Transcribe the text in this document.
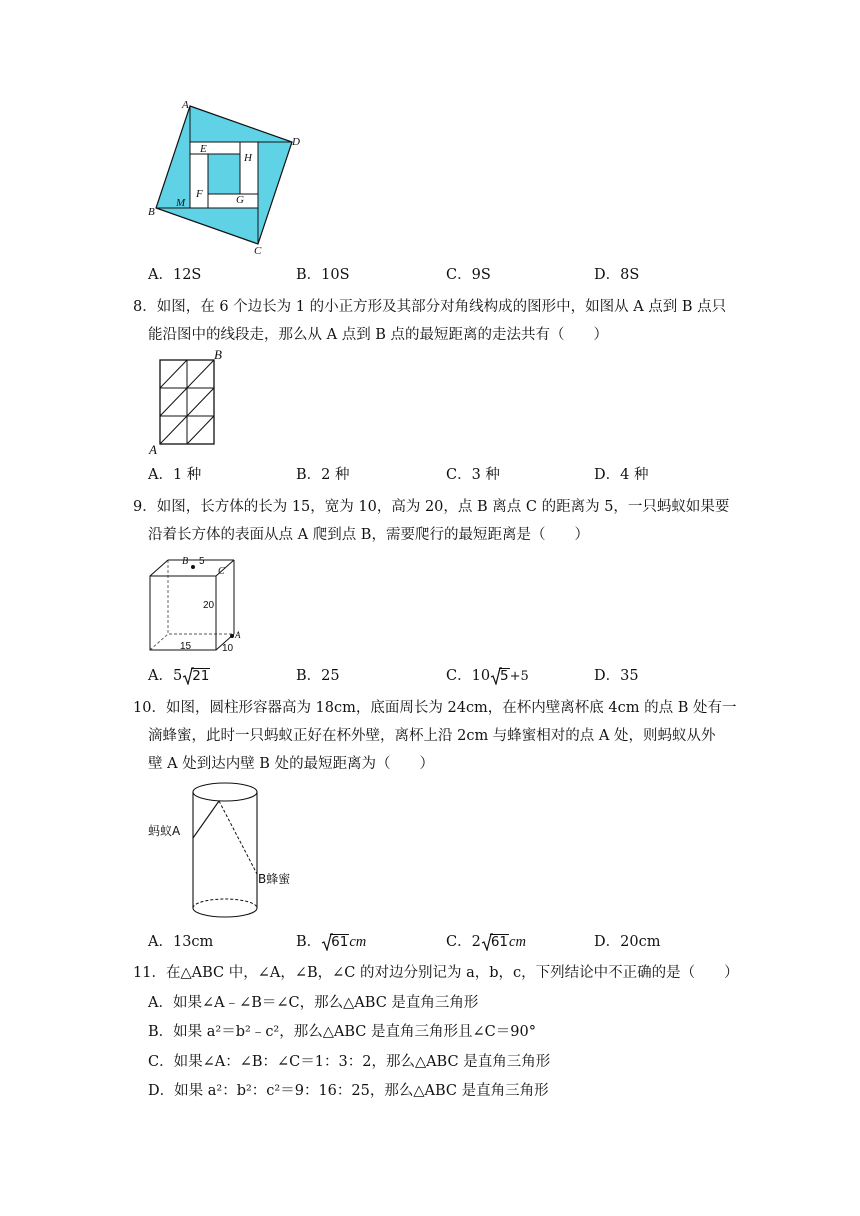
A
D
E
H
F	G
M
B
C
A．12S	B．10S	C．9S	D．8S
8．如图，在 6 个边长为 1 的小正方形及其部分对角线构成的图形中，如图从 A 点到 B 点只
能沿图中的线段走，那么从 A 点到 B 点的最短距离的走法共有（　　）
B
A
A．1 种	B．2 种	C．3 种	D．4 种
9．如图，长方体的长为 15，宽为 10，高为 20，点 B 离点 C 的距离为 5，一只蚂蚁如果要
沿着长方体的表面从点 A 爬到点 B，需要爬行的最短距离是（　　）
B 5
C
20
A
15	10
A．5 21	B．25	C．10 5+5	D．35
10．如图，圆柱形容器高为 18cm，底面周长为 24cm，在杯内壁离杯底 4cm 的点 B 处有一
滴蜂蜜，此时一只蚂蚁正好在杯外壁，离杯上沿 2cm 与蜂蜜相对的点 A 处，则蚂蚁从外
壁 A 处到达内壁 B 处的最短距离为（　　）
蚂蚁A
B蜂蜜
A．13cm	B． 61cm	C．2 61cm	D．20cm
11．在△ABC 中，∠A，∠B，∠C 的对边分别记为 a，b，c，下列结论中不正确的是（　　）
A．如果∠A﹣∠B＝∠C，那么△ABC 是直角三角形
B．如果 a²＝b²﹣c²，那么△ABC 是直角三角形且∠C＝90°
C．如果∠A：∠B：∠C＝1：3：2，那么△ABC 是直角三角形
D．如果 a²：b²：c²＝9：16：25，那么△ABC 是直角三角形
